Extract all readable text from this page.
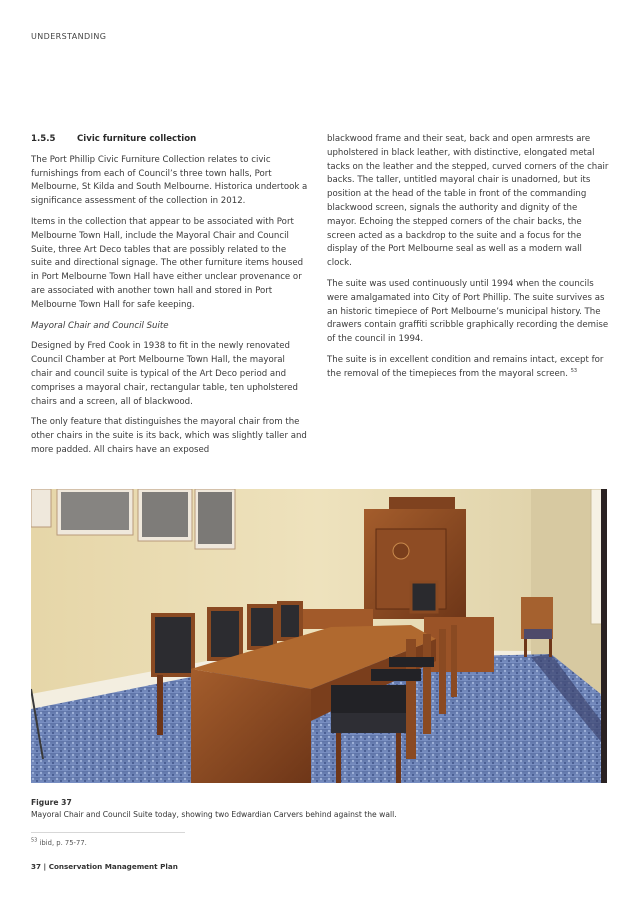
UNDERSTANDING

1.5.5	Civic furniture collection

The Port Phillip Civic Furniture Collection relates to civic furnishings from each of Council’s three town halls, Port Melbourne, St Kilda and South Melbourne. Historica undertook a significance assessment of the collection in 2012.

Items in the collection that appear to be associated with Port Melbourne Town Hall, include the Mayoral Chair and Council Suite, three Art Deco tables that are possibly related to the suite and directional signage. The other furniture items housed in Port Melbourne Town Hall have either unclear provenance or are associated with another town hall and stored in Port Melbourne Town Hall for safe keeping.

Mayoral Chair and Council Suite

Designed by Fred Cook in 1938 to fit in the newly renovated Council Chamber at Port Melbourne Town Hall, the mayoral chair and council suite is typical of the Art Deco period and comprises a mayoral chair, rectangular table, ten upholstered chairs and a screen, all of blackwood.

The only feature that distinguishes the mayoral chair from the other chairs in the suite is its back, which was slightly taller and more padded. All chairs have an exposed

blackwood frame and their seat, back and open armrests are upholstered in black leather, with distinctive, elongated metal tacks on the leather and the stepped, curved corners of the chair backs. The taller, untitled mayoral chair is unadorned, but its position at the head of the table in front of the commanding blackwood screen, signals the authority and dignity of the mayor. Echoing the stepped corners of the chair backs, the screen acted as a backdrop to the suite and a focus for the display of the Port Melbourne seal as well as a modern wall clock.

The suite was used continuously until 1994 when the councils were amalgamated into City of Port Phillip. The suite survives as an historic timepiece of Port Melbourne’s municipal history. The drawers contain graffiti scribble graphically recording the demise of the council in 1994.

The suite is in excellent condition and remains intact, except for the removal of the timepieces from the mayoral screen. $^{53}$

Figure 37
Mayoral Chair and Council Suite today, showing two Edwardian Carvers behind against the wall.
$^{53}$ ibid, p. 75-77.
37 | Conservation Management Plan
